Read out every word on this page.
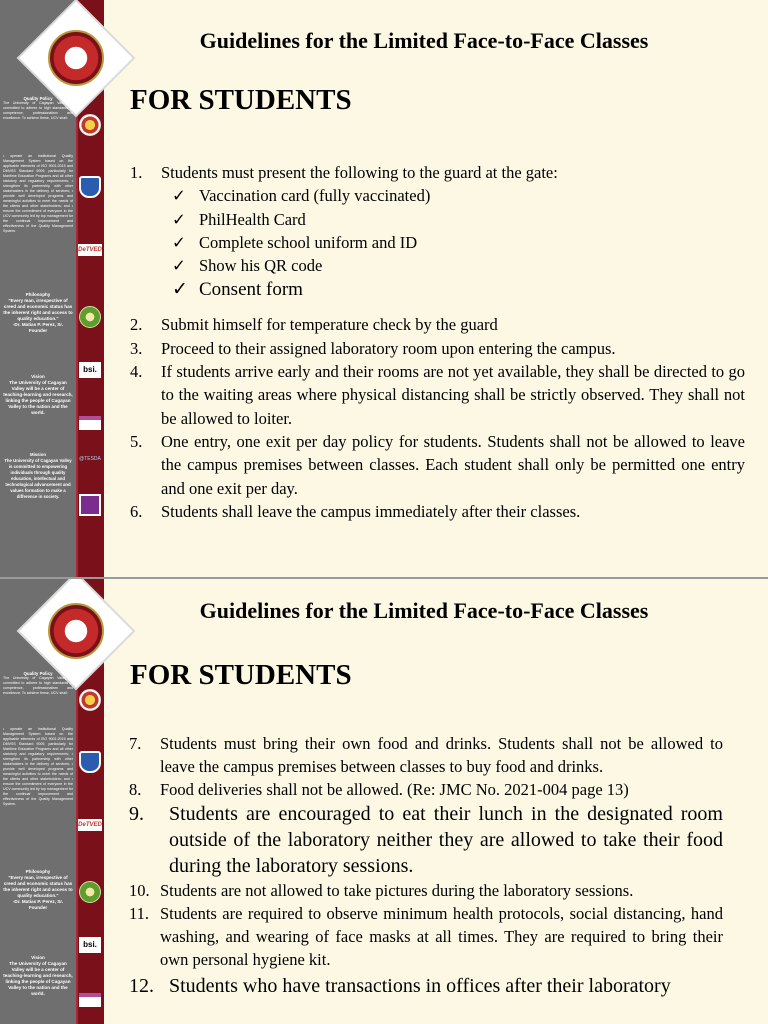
Quality Policy
The University of Cagayan Valley is committed to adhere to high standards of competence, professionalism and excellence. To achieve these, UCV shall:
• operate an institutional Quality Management System based on the applicable elements of ISO 9001:2015 and DMVSS Standard 9009, particularly for Maritime Education Programs and all other statutory and regulatory requirements; • strengthen its partnership with other stakeholders in the delivery of services; • provide well developed programs and meaningful activities to meet the needs of the clients and other stakeholders; and • ensure the commitment of everyone in the UCV community led by top management for the continual improvement and effectiveness of the Quality Management System.
Philosophy
"Every man, irrespective of creed and economic status has the inherent right and access to quality education."
-Dr. Matias P. Perez, Sr.
Founder
Vision
The University of Cagayan Valley will be a center of teaching-learning and research, linking the people of Cagayan Valley to the nation and the world.
Mission
The University of Cagayan Valley is committed to empowering individuals through quality education, intellectual and technological advancement and values formation to make a difference in society.
DeTVED
bsi.
@TESDA
Guidelines for the Limited Face-to-Face Classes
FOR STUDENTS
1.	Students must present the following to the guard at the gate:
✓ Vaccination card (fully vaccinated)
✓ PhilHealth Card
✓ Complete school uniform and ID
✓ Show his QR code
✓ Consent form
2.	Submit himself for temperature check by the guard
3.	Proceed to their assigned laboratory room upon entering the campus.
4.	If students arrive early and their rooms are not yet available, they shall be directed to go to the waiting areas where physical distancing shall be strictly observed. They shall not be allowed to loiter.
5.	One entry, one exit per day policy for students. Students shall not be allowed to leave the campus premises between classes. Each student shall only be permitted one entry and one exit per day.
6.	Students shall leave the campus immediately after their classes.
Quality Policy
The University of Cagayan Valley is committed to adhere to high standards of competence, professionalism and excellence. To achieve these, UCV shall:
• operate an institutional Quality Management System based on the applicable elements of ISO 9001:2015 and DMVSS Standard 9009, particularly for Maritime Education Programs and all other statutory and regulatory requirements; • strengthen its partnership with other stakeholders in the delivery of services; • provide well developed programs and meaningful activities to meet the needs of the clients and other stakeholders; and • ensure the commitment of everyone in the UCV community led by top management for the continual improvement and effectiveness of the Quality Management System.
Philosophy
"Every man, irrespective of creed and economic status has the inherent right and access to quality education."
-Dr. Matias P. Perez, Sr.
Founder
Vision
The University of Cagayan Valley will be a center of teaching-learning and research, linking the people of Cagayan Valley to the nation and the world.
DeTVED
bsi.
Guidelines for the Limited Face-to-Face Classes
FOR STUDENTS
7.	Students must bring their own food and drinks. Students shall not be allowed to leave the campus premises between classes to buy food and drinks.
8.	Food deliveries shall not be allowed. (Re: JMC No. 2021-004 page 13)
9.	Students are encouraged to eat their lunch in the designated room outside of the laboratory neither they are allowed to take their food during the laboratory sessions.
10. Students are not allowed to take pictures during the laboratory sessions.
11. Students are required to observe minimum health protocols, social distancing, hand washing, and wearing of face masks at all times. They are required to bring their own personal hygiene kit.
12. Students who have transactions in offices after their laboratory
